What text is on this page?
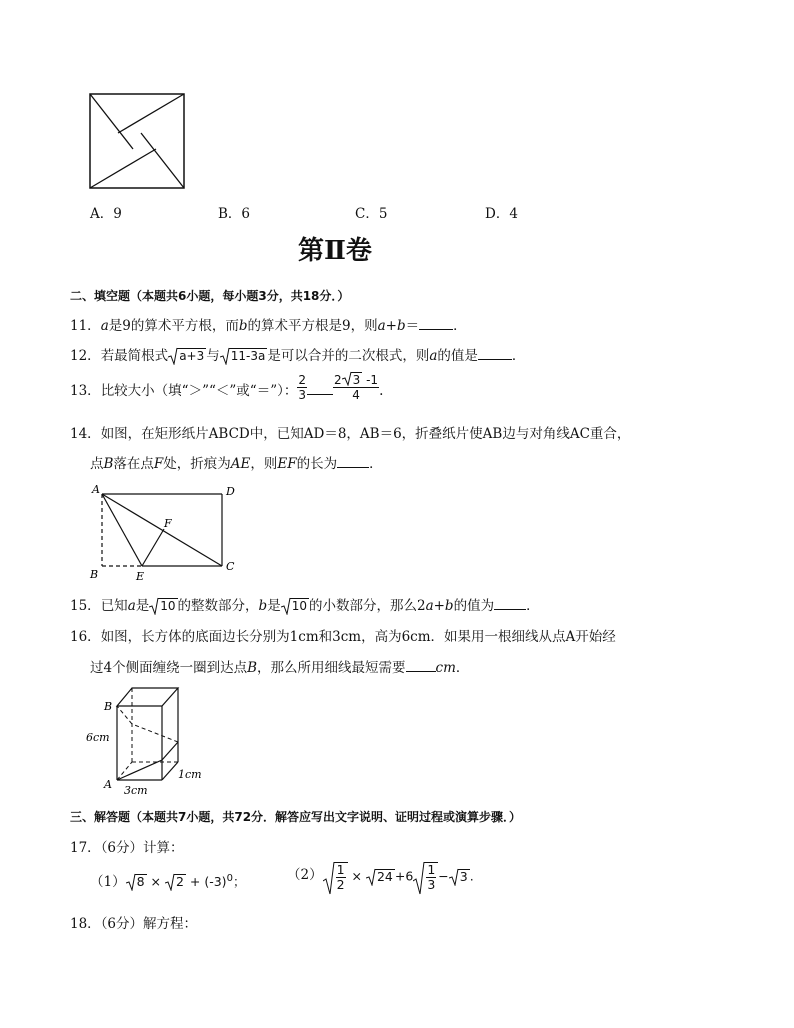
A．9	B．6	C．5	D．4
第Ⅱ卷
二、填空题（本题共6小题，每小题3分，共18分．）
11．a是9的算术平方根，而b的算术平方根是9，则a+b＝	．
12．若最简根式 a+3 与 11-3a 是可以合并的二次根式，则a的值是	．
13．比较大小（填“＞”“＜”或“＝”）： $\frac{2}{3} \frac{2 3 -1}{4}$ .
14．如图，在矩形纸片ABCD中，已知AD＝8，AB＝6，折叠纸片使AB边与对角线AC重合，
点B落在点F处，折痕为AE，则EF的长为 ．
A	D
B
C
E
F
15．已知a是 10 的整数部分，b是 10 的小数部分，那么2a+b的值为 ．
16．如图，长方体的底面边长分别为1cm和3cm，高为6cm．如果用一根细线从点A开始经
过4个侧面缠绕一圈到达点B，那么所用细线最短需要 cm．
B
A
6cm
3cm
1cm
三、解答题（本题共7小题，共72分．解答应写出文字说明、证明过程或演算步骤．）
17．（6分）计算：
（1） 8 ×
$2 + (-3)^0$；	$(2) \frac{1}{2}$ ×
$24 +6 \frac{1}{3} - 3$ .
18．（6分）解方程：
